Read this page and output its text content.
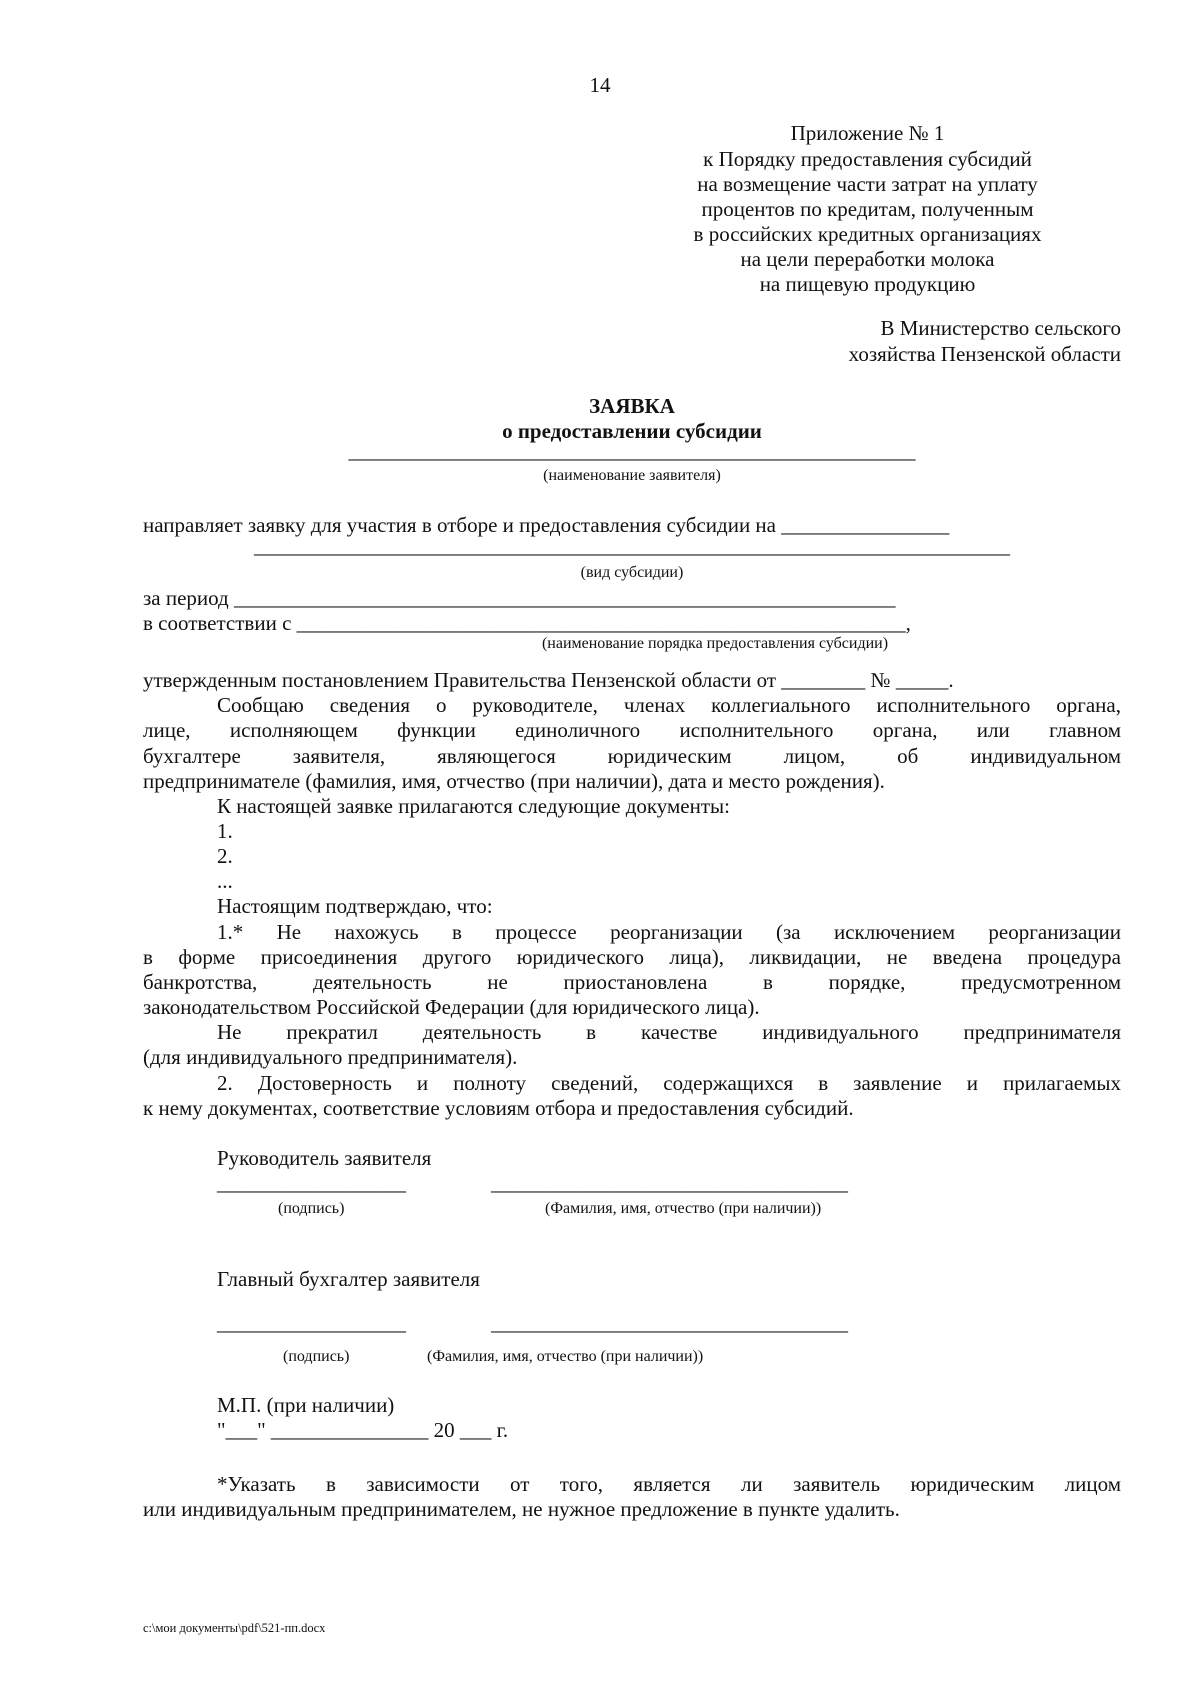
14
Приложение № 1
к Порядку предоставления субсидий
на возмещение части затрат на уплату
процентов по кредитам, полученным
в российских кредитных организациях
на цели переработки молока
на пищевую продукцию
В Министерство сельского
хозяйства Пензенской области
ЗАЯВКА
о предоставлении субсидии
______________________________________________________
(наименование заявителя)
направляет заявку для участия в отборе и предоставления субсидии на ________________
________________________________________________________________________
(вид субсидии)
за период _______________________________________________________________
в соответствии с __________________________________________________________,
(наименование порядка предоставления субсидии)
утвержденным постановлением Правительства Пензенской области от ________ № _____.
Сообщаю сведения о руководителе, членах коллегиального исполнительного органа,
лице, исполняющем функции единоличного исполнительного органа, или главном
бухгалтере заявителя, являющегося юридическим лицом, об индивидуальном
предпринимателе (фамилия, имя, отчество (при наличии), дата и место рождения).
К настоящей заявке прилагаются следующие документы:
1.
2.
...
Настоящим подтверждаю, что:
1.* Не нахожусь в процессе реорганизации (за исключением реорганизации
в форме присоединения другого юридического лица), ликвидации, не введена процедура
банкротства, деятельность не приостановлена в порядке, предусмотренном
законодательством Российской Федерации (для юридического лица).
Не прекратил деятельность в качестве индивидуального предпринимателя
(для индивидуального предпринимателя).
2. Достоверность и полноту сведений, содержащихся в заявление и прилагаемых
к нему документах, соответствие условиям отбора и предоставления субсидий.
Руководитель заявителя
__________________	__________________________________
(подпись)	(Фамилия, имя, отчество (при наличии))
Главный бухгалтер заявителя
__________________	__________________________________
(подпись)	(Фамилия, имя, отчество (при наличии))
М.П. (при наличии)
"___" _______________ 20 ___ г.
*Указать в зависимости от того, является ли заявитель юридическим лицом
или индивидуальным предпринимателем, не нужное предложение в пункте удалить.
c:\мои документы\pdf\521-пп.docx
